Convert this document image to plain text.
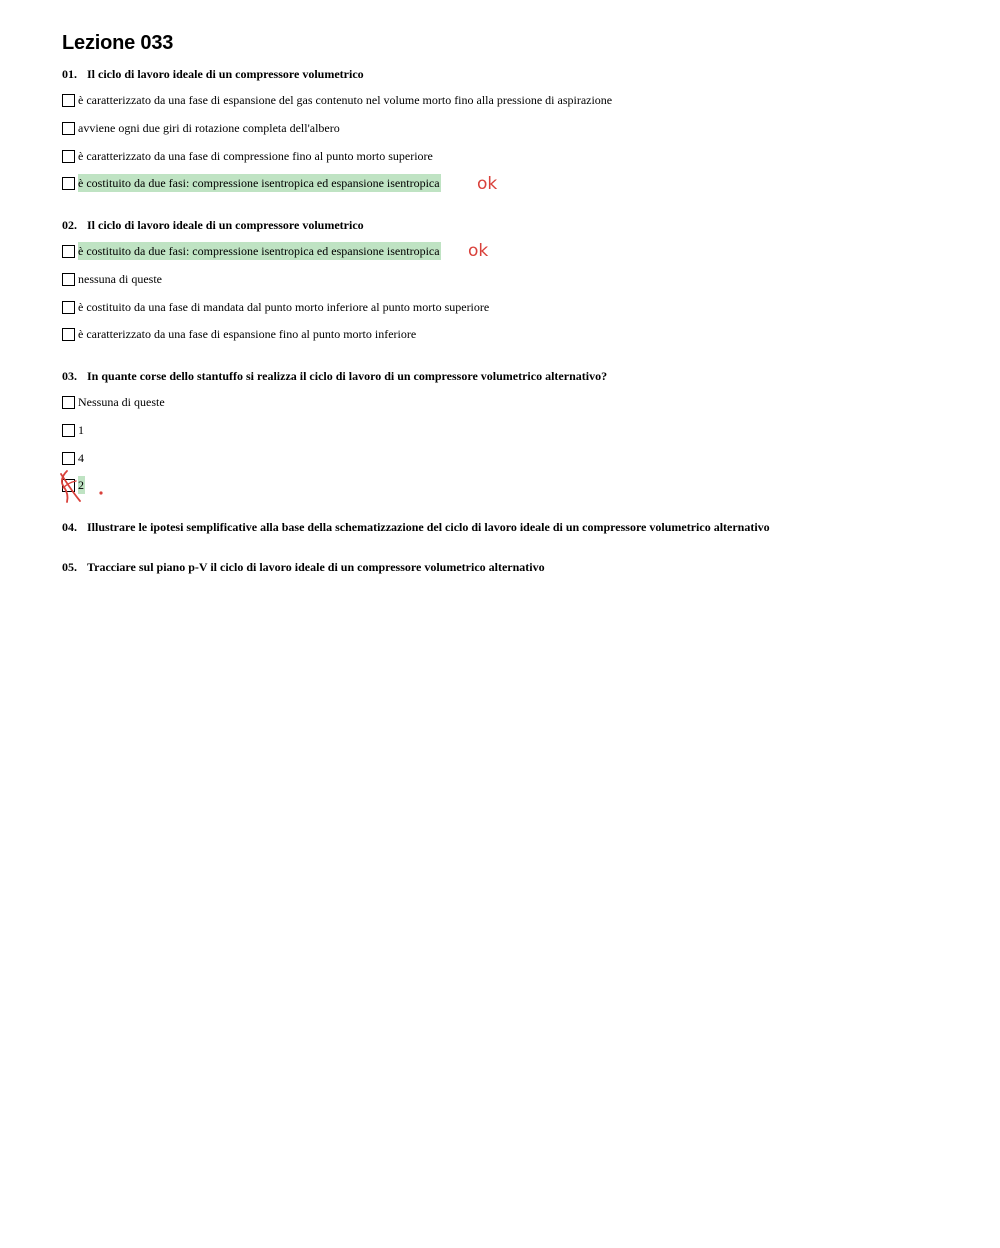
Lezione 033
01. Il ciclo di lavoro ideale di un compressore volumetrico
è caratterizzato da una fase di espansione del gas contenuto nel volume morto fino alla pressione di aspirazione
avviene ogni due giri di rotazione completa dell'albero
è caratterizzato da una fase di compressione fino al punto morto superiore
è costituito da due fasi: compressione isentropica ed espansione isentropica ok
02. Il ciclo di lavoro ideale di un compressore volumetrico
è costituito da due fasi: compressione isentropica ed espansione isentropica ok
nessuna di queste
è costituito da una fase di mandata dal punto morto inferiore al punto morto superiore
è caratterizzato da una fase di espansione fino al punto morto inferiore
03. In quante corse dello stantuffo si realizza il ciclo di lavoro di un compressore volumetrico alternativo?
Nessuna di queste
1
4
2
04. Illustrare le ipotesi semplificative alla base della schematizzazione del ciclo di lavoro ideale di un compressore volumetrico alternativo
05. Tracciare sul piano p-V il ciclo di lavoro ideale di un compressore volumetrico alternativo
